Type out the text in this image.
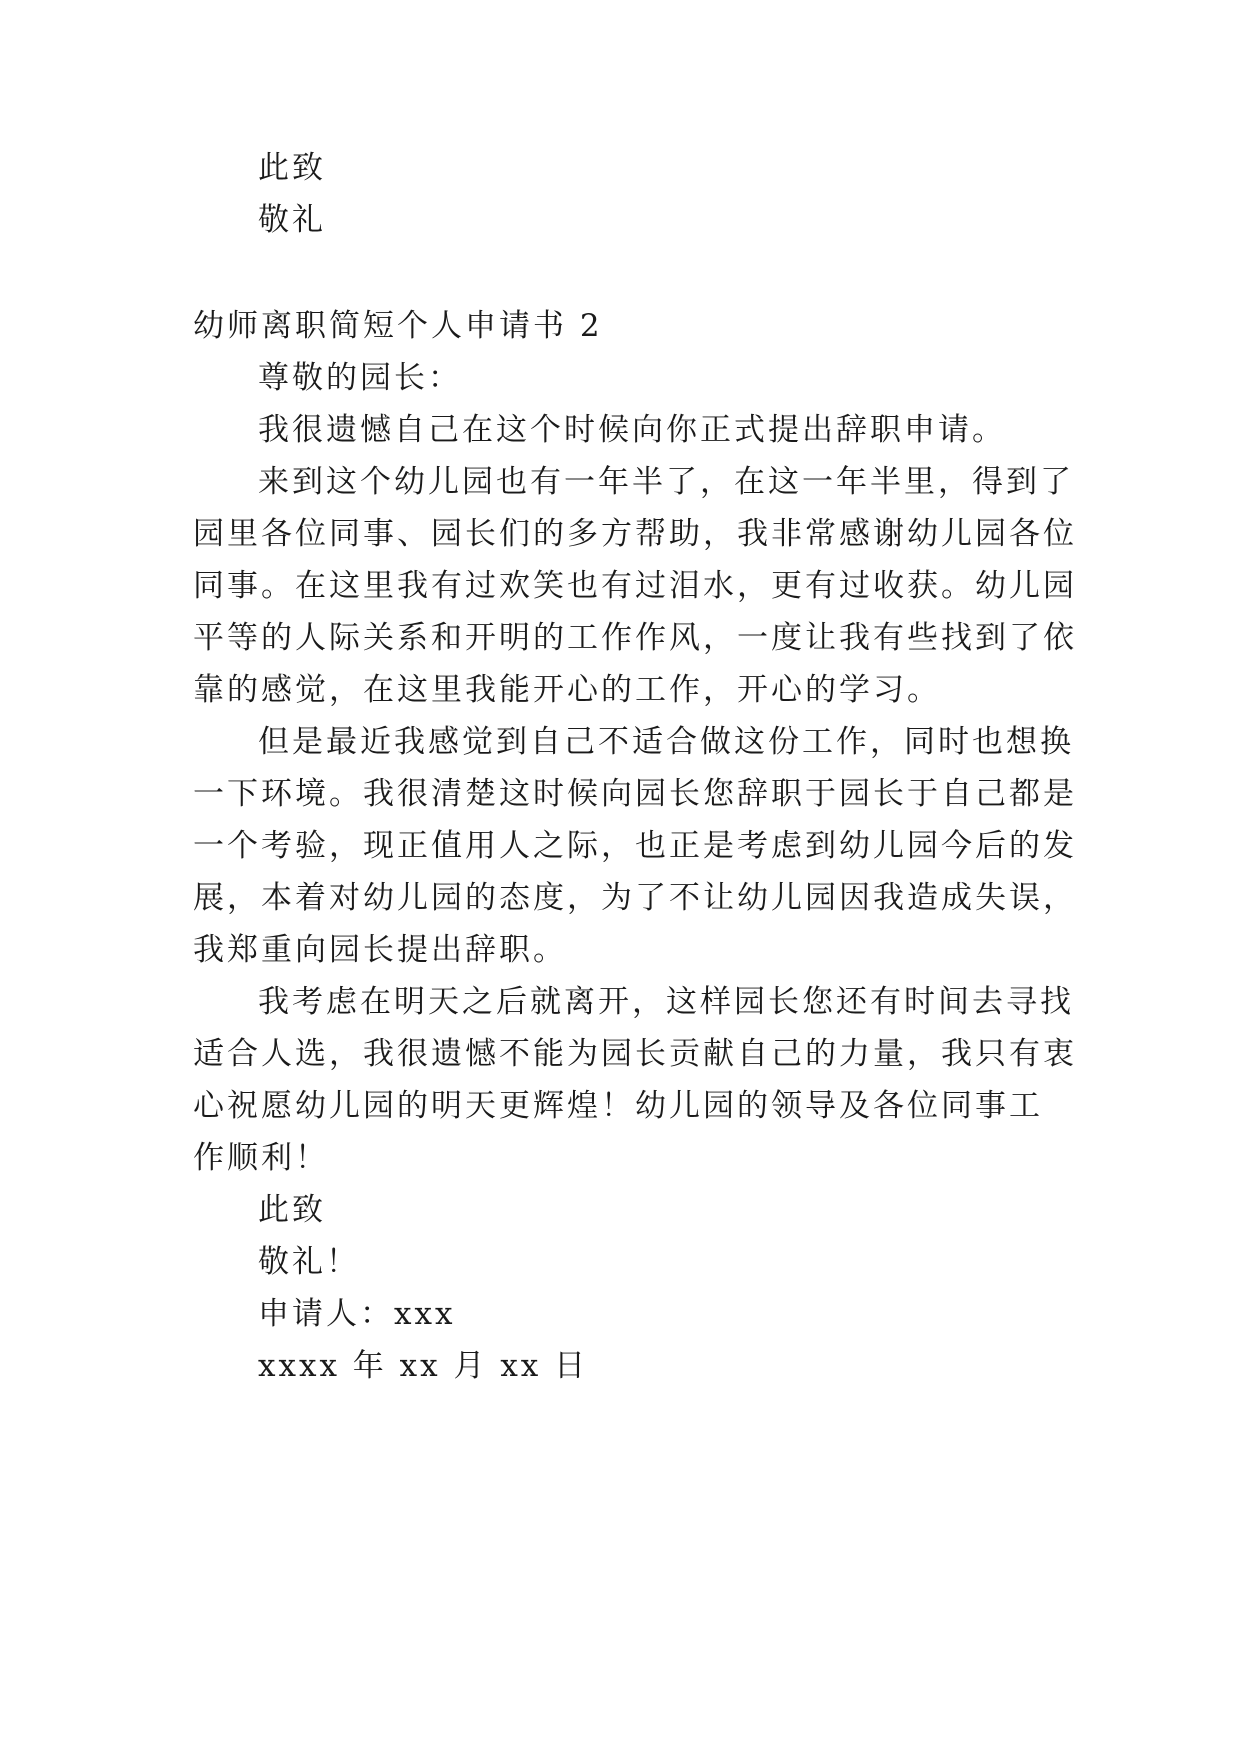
此致
敬礼
幼师离职简短个人申请书 2
尊敬的园长：
我很遗憾自己在这个时候向你正式提出辞职申请。
来到这个幼儿园也有一年半了，在这一年半里，得到了
园里各位同事、园长们的多方帮助，我非常感谢幼儿园各位
同事。在这里我有过欢笑也有过泪水，更有过收获。幼儿园
平等的人际关系和开明的工作作风，一度让我有些找到了依
靠的感觉，在这里我能开心的工作，开心的学习。
但是最近我感觉到自己不适合做这份工作，同时也想换
一下环境。我很清楚这时候向园长您辞职于园长于自己都是
一个考验，现正值用人之际，也正是考虑到幼儿园今后的发
展，本着对幼儿园的态度，为了不让幼儿园因我造成失误，
我郑重向园长提出辞职。
我考虑在明天之后就离开，这样园长您还有时间去寻找
适合人选，我很遗憾不能为园长贡献自己的力量，我只有衷
心祝愿幼儿园的明天更辉煌！幼儿园的领导及各位同事工
作顺利！
此致
敬礼！
申请人：xxx
xxxx 年 xx 月 xx 日
